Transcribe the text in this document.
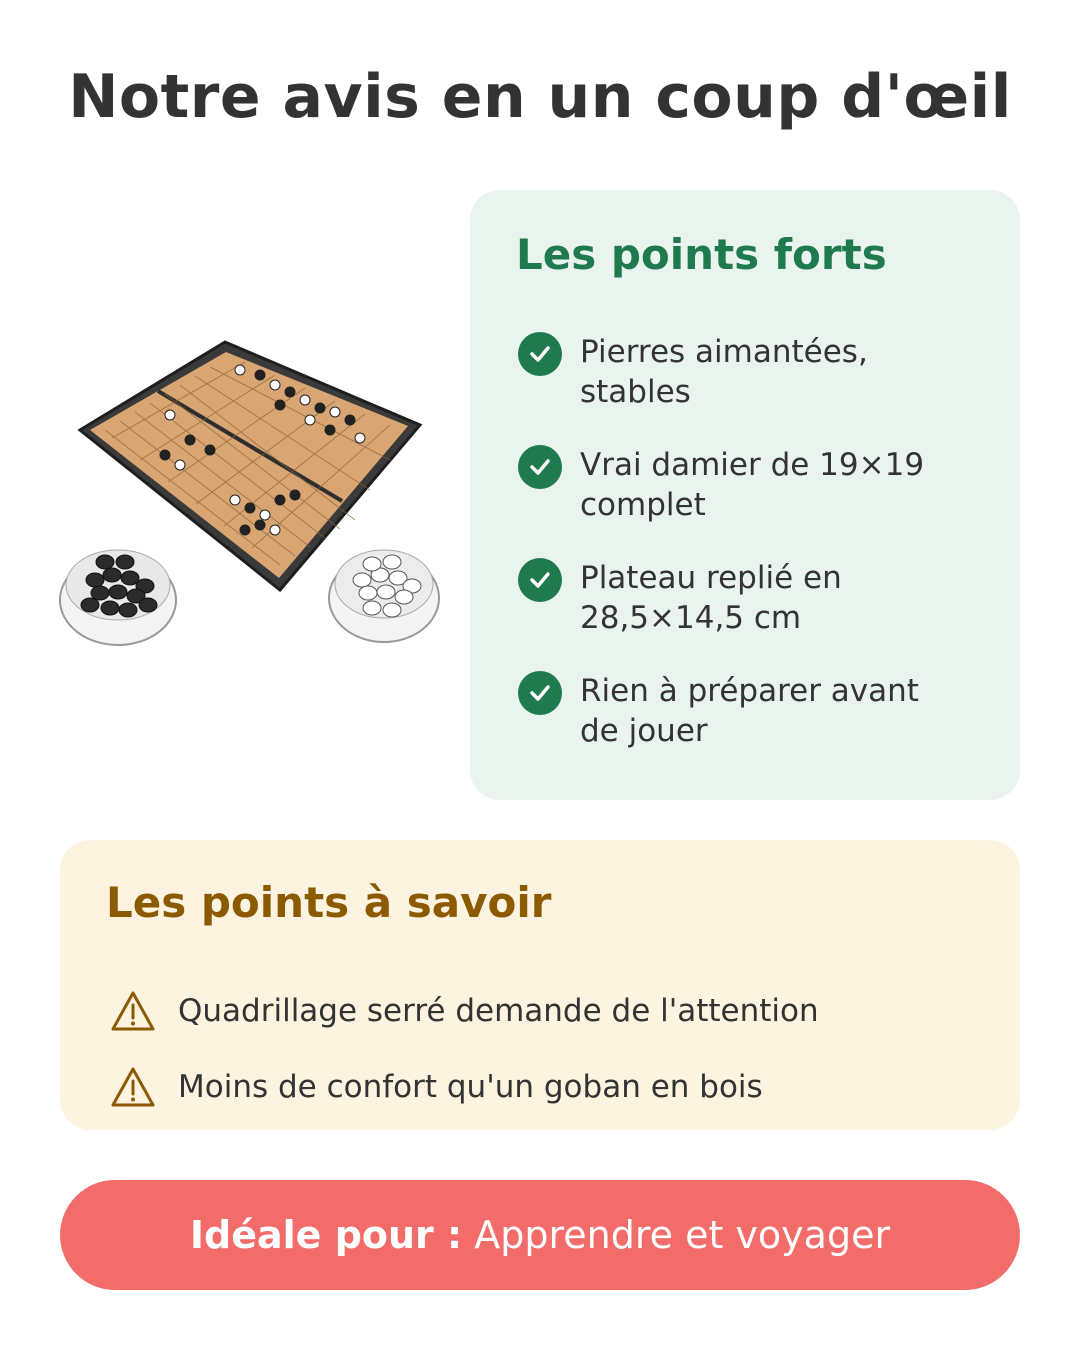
Notre avis en un coup d'œil
Les points forts
Pierres aimantées,
stables
Vrai damier de 19×19
complet
Plateau replié en
28,5×14,5 cm
Rien à préparer avant
de jouer
Les points à savoir
Quadrillage serré demande de l'attention
Moins de confort qu'un goban en bois
Idéale pour : Apprendre et voyager
